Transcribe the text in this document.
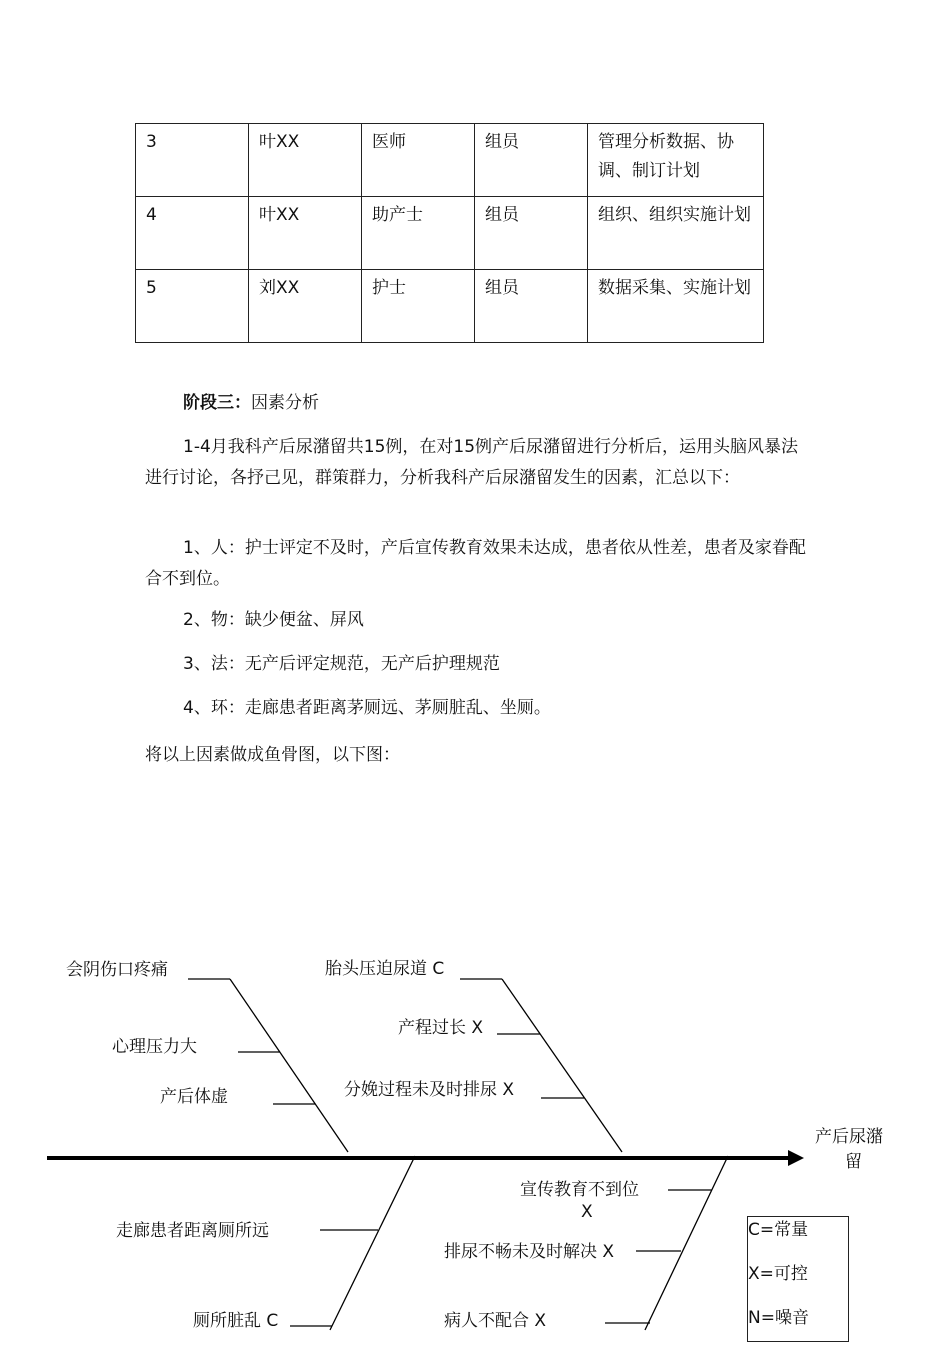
3	叶XX	医师	组员	管理分析数据、协调、制订计划
4	叶XX	助产士	组员	组织、组织实施计划
5	刘XX	护士	组员	数据采集、实施计划

阶段三：因素分析

1-4月我科产后尿潴留共15例，在对15例产后尿潴留进行分析后，运用头脑风暴法进行讨论，各抒己见，群策群力，分析我科产后尿潴留发生的因素，汇总以下：

1、人：护士评定不及时，产后宣传教育效果未达成，患者依从性差，患者及家眷配合不到位。

2、物：缺少便盆、屏风

3、法：无产后评定规范，无产后护理规范

4、环：走廊患者距离茅厕远、茅厕脏乱、坐厕。

将以上因素做成鱼骨图，以下图：

会阴伤口疼痛
心理压力大
产后体虚
胎头压迫尿道 C
产程过长 X
分娩过程未及时排尿 X
走廊患者距离厕所远
厕所脏乱 C
宣传教育不到位
X
排尿不畅未及时解决 X
病人不配合 X
产后尿潴
留
C=常量
X=可控
N=噪音
